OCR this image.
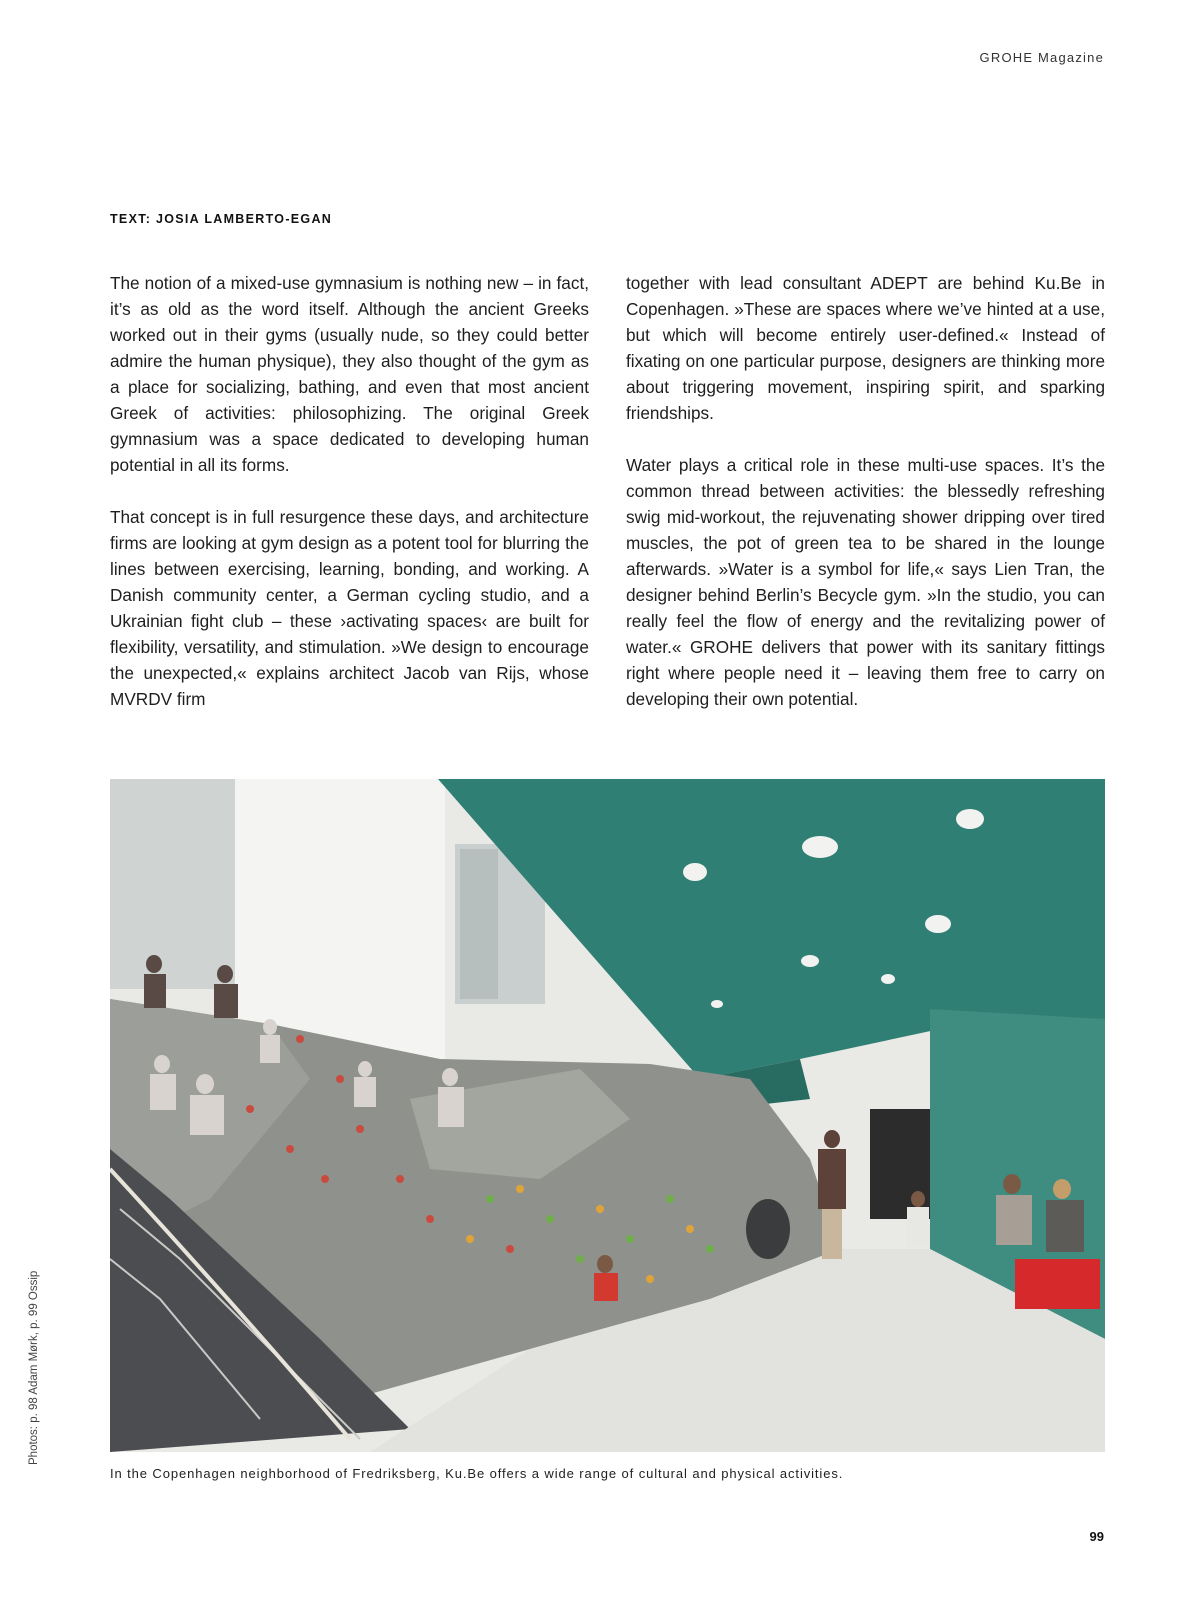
GROHE Magazine
TEXT: JOSIA LAMBERTO-EGAN

The notion of a mixed-use gymnasium is nothing new – in fact, it’s as old as the word itself. Although the ancient Greeks worked out in their gyms (usually nude, so they could better admire the human physique), they also thought of the gym as a place for socializing, bathing, and even that most ancient Greek of activities: philosophizing. The original Greek gymnasium was a space dedicated to developing human potential in all its forms.

That concept is in full resurgence these days, and architecture firms are looking at gym design as a potent tool for blurring the lines between exercising, learning, bonding, and working. A Danish community center, a German cycling studio, and a Ukrainian fight club – these ›activating spaces‹ are built for flexibility, versatility, and stimulation. »We design to encourage the unexpected,« explains architect Jacob van Rijs, whose MVRDV firm

together with lead consultant ADEPT are behind Ku.Be in Copenhagen. »These are spaces where we’ve hinted at a use, but which will become entirely user-defined.« Instead of fixating on one particular purpose, designers are thinking more about triggering movement, inspiring spirit, and sparking friendships.

Water plays a critical role in these multi-use spaces. It’s the common thread between activities: the blessedly refreshing swig mid-workout, the rejuvenating shower dripping over tired muscles, the pot of green tea to be shared in the lounge afterwards. »Water is a symbol for life,« says Lien Tran, the designer behind Berlin’s Becycle gym. »In the studio, you can really feel the flow of energy and the revitalizing power of water.« GROHE delivers that power with its sanitary fittings right where people need it – leaving them free to carry on developing their own potential.

Photos: p. 98 Adam Mørk, p. 99 Ossip
In the Copenhagen neighborhood of Fredriksberg, Ku.Be offers a wide range of cultural and physical activities.
99
